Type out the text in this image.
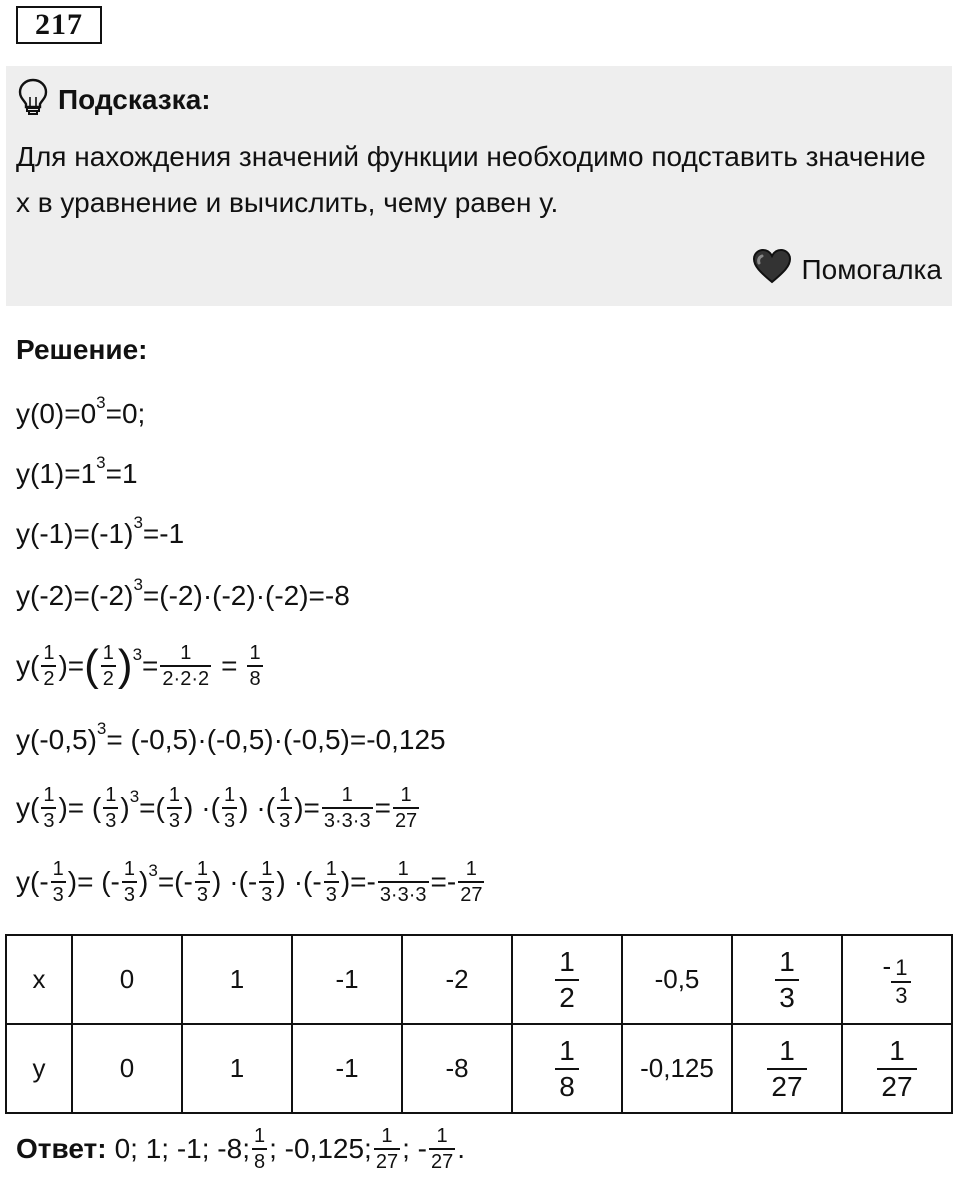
217
Подсказка:
Для нахождения значений функции необходимо подставить значение х в уравнение и вычислить, чему равен у.
Помогалка
Решение:
$у(0)=0^3 =0$;
$у(1)=1^3 =1$
$у(-1)=(-1)^3 =-1$
$у(-2)=(-2)^3 =(-2)\cdot(-2)\cdot(-2)=-8$
$у( \frac{1}{2}$ )= ( $\frac{1}{2} )^3 = \frac{1}{2\cdot 2\cdot 2} = \frac{1}{8}$
$у(-0,5)^3 = (-0,5)\cdot(-0,5)\cdot(-0,5)=-0,125$
$у( \frac{1}{3}$ )= ( $\frac{1}{3} )^3$ =( $\frac{1}{3}$ ) ·( $\frac{1}{3}$ ) ·( $\frac{1}{3}$ )= $\frac{1}{3\cdot 3\cdot 3} = \frac{1}{27}$
$у(- \frac{1}{3}$ )= (- $\frac{1}{3} )^3$ =(- $\frac{1}{3}$ ) ·(- $\frac{1}{3}$ ) ·(- $\frac{1}{3}$ )=- $\frac{1}{3\cdot 3\cdot 3} =- \frac{1}{27}$
х	0	1	-1	-2	$\frac{1}{2}$	-0,5	$\frac{1}{3}$	- $\frac{1}{3}$

у	0	1	-1	-8	$\frac{1}{8}$	-0,125	$\frac{1}{27}$	$\frac{1}{27}$
Ответ: 0; 1; -1; -8; $\frac{1}{8}$ ; -0,125; $\frac{1}{27}$ ; - $\frac{1}{27}$ .
